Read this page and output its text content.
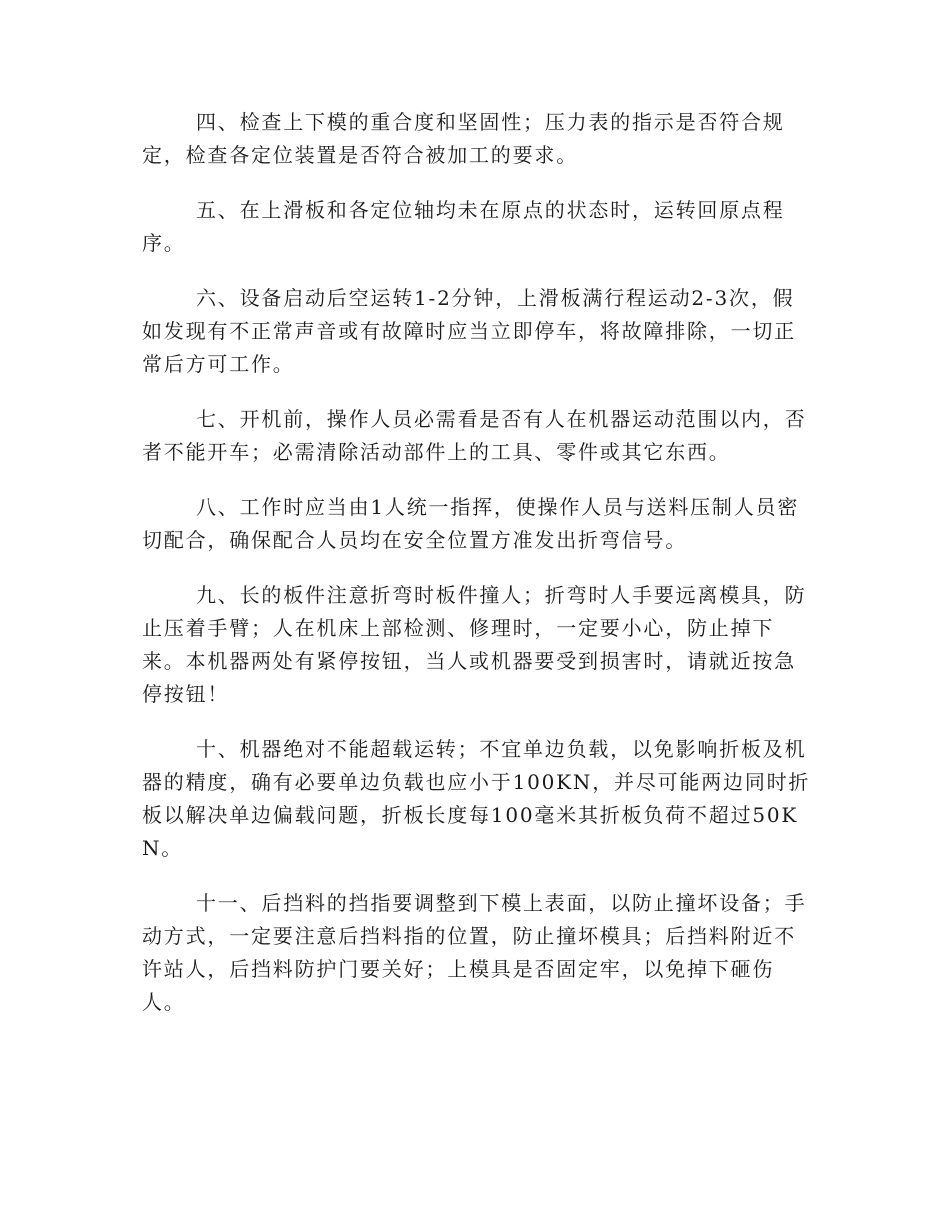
四、检查上下模的重合度和坚固性；压力表的指示是否符合规定，检查各定位装置是否符合被加工的要求。

五、在上滑板和各定位轴均未在原点的状态时，运转回原点程序。

六、设备启动后空运转1-2分钟，上滑板满行程运动2-3次，假如发现有不正常声音或有故障时应当立即停车，将故障排除，一切正常后方可工作。

七、开机前，操作人员必需看是否有人在机器运动范围以内，否者不能开车；必需清除活动部件上的工具、零件或其它东西。

八、工作时应当由1人统一指挥，使操作人员与送料压制人员密切配合，确保配合人员均在安全位置方准发出折弯信号。

九、长的板件注意折弯时板件撞人；折弯时人手要远离模具，防止压着手臂；人在机床上部检测、修理时，一定要小心，防止掉下来。本机器两处有紧停按钮，当人或机器要受到损害时，请就近按急停按钮！

十、机器绝对不能超载运转；不宜单边负载，以免影响折板及机器的精度，确有必要单边负载也应小于100KN，并尽可能两边同时折板以解决单边偏载问题，折板长度每100毫米其折板负荷不超过50KN。

十一、后挡料的挡指要调整到下模上表面，以防止撞坏设备；手动方式，一定要注意后挡料指的位置，防止撞坏模具；后挡料附近不许站人，后挡料防护门要关好；上模具是否固定牢，以免掉下砸伤人。
